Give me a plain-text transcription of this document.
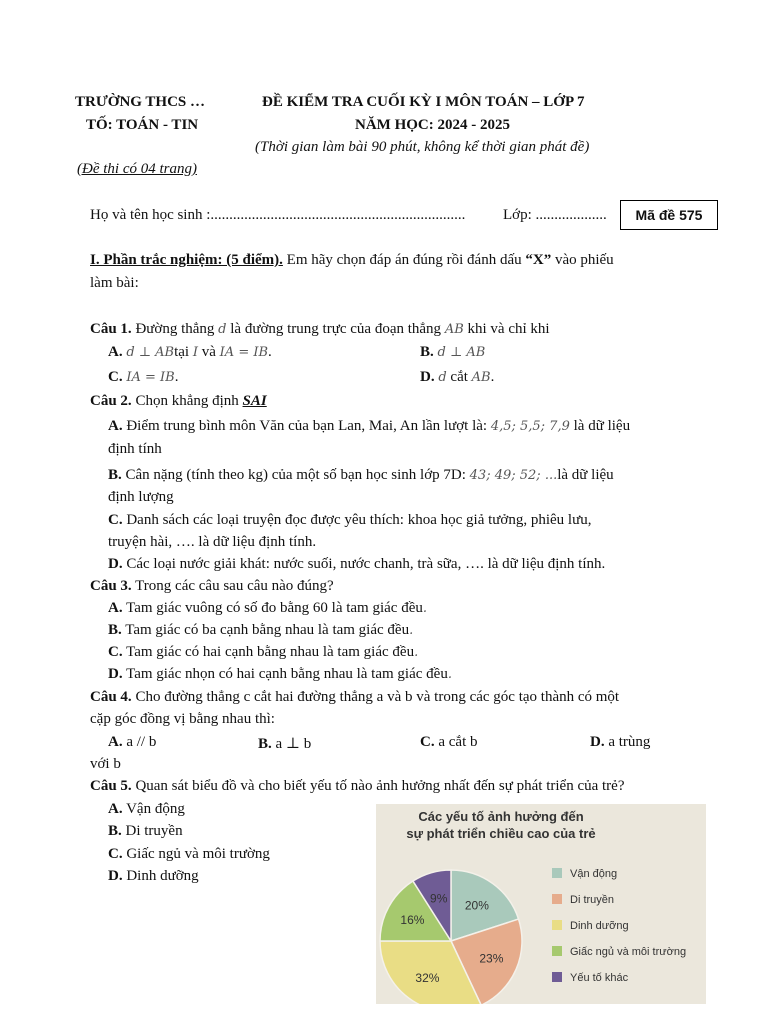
TRƯỜNG THCS …
TỐ: TOÁN - TIN
ĐỀ KIỂM TRA CUỐI KỲ I MÔN TOÁN – LỚP 7
NĂM HỌC: 2024 - 2025
(Thời gian làm bài 90 phút, không kể thời gian phát đề)
(Đề thi có 04 trang)
Họ và tên học sinh :....................................................................	Lớp: ...................	Mã đề 575
I. Phần trắc nghiệm: (5 điểm). Em hãy chọn đáp án đúng rồi đánh dấu “X” vào phiếu
làm bài:
Câu 1. Đường thẳng d là đường trung trực của đoạn thẳng AB khi và chỉ khi
A. d ⊥ ABtại I và IA = IB.	B. d ⊥ AB
C. IA = IB.	D. d cắt AB.
Câu 2. Chọn khẳng định SAI
A. Điểm trung bình môn Văn của bạn Lan, Mai, An lần lượt là: 4,5; 5,5; 7,9 là dữ liệu
định tính
B. Cân nặng (tính theo kg) của một số bạn học sinh lớp 7D: 43; 49; 52; ...là dữ liệu
định lượng
C. Danh sách các loại truyện đọc được yêu thích: khoa học giả tưởng, phiêu lưu,
truyện hài, …. là dữ liệu định tính.
D. Các loại nước giải khát: nước suối, nước chanh, trà sữa, …. là dữ liệu định tính.
Câu 3. Trong các câu sau câu nào đúng?
A. Tam giác vuông có số đo bằng 60 là tam giác đều.
B. Tam giác có ba cạnh bằng nhau là tam giác đều.
C. Tam giác có hai cạnh bằng nhau là tam giác đều.
D. Tam giác nhọn có hai cạnh bằng nhau là tam giác đều.
Câu 4. Cho đường thẳng c cắt hai đường thẳng a và b và trong các góc tạo thành có một
cặp góc đồng vị bằng nhau thì:
A. a // b	B. a ⊥ b	C. a cắt b	D. a trùng
với b
Câu 5. Quan sát biểu đồ và cho biết yếu tố nào ảnh hưởng nhất đến sự phát triển của trẻ?
A. Vận động
B. Di truyền
C. Giấc ngủ và môi trường
D. Dinh dưỡng
Các yếu tố ảnh hưởng đến
sự phát triển chiều cao của trẻ
20%
23%
32%
16%
9%
Vận động
Di truyền
Dinh dưỡng
Giấc ngủ và môi trường
Yếu tố khác
